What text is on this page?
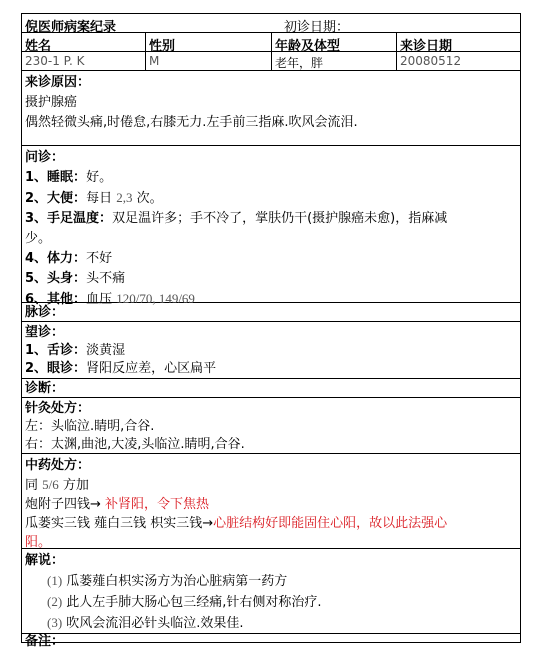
倪医师病案纪录	初诊日期：
姓名	性别	年龄及体型	来诊日期
230-1 P. K	M	老年，胖	20080512
来诊原因：
摄护腺癌
偶然轻微头痛,时倦怠,右膝无力.左手前三指麻.吹风会流泪.
问诊：
1、睡眠：好。
2、大便：每日 2,3 次。
3、手足温度：双足温许多；手不冷了，掌肤仍干(摄护腺癌未愈)，指麻减
少。
4、体力：不好
5、头身：头不痛
6、其他：血压 120/70, 149/69
脉诊：
望诊：
1、舌诊：淡黄湿
2、眼诊：肾阳反应差，心区扁平
诊断：
针灸处方：
左：头临泣.睛明,合谷.
右：太渊,曲池,大凌,头临泣.睛明,合谷.
中药处方：
同 5/6 方加
炮附子四钱→ 补肾阳，令下焦热
瓜蒌实三钱 薤白三钱 枳实三钱→心脏结构好即能固住心阳，故以此法强心
阳。
解说：
(1) 瓜蒌薤白枳实汤方为治心脏病第一药方
(2) 此人左手肺大肠心包三经痛,针右侧对称治疗.
(3) 吹风会流泪必针头临泣.效果佳.
备注：
